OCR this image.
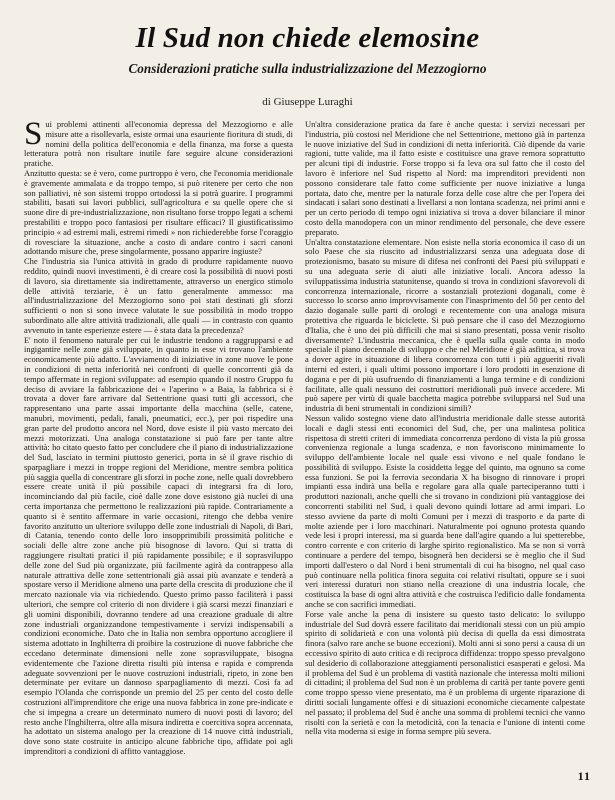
Il Sud non chiede elemosine
Considerazioni pratiche sulla industrializzazione del Mezzogiorno
di Giuseppe Luraghi

Sui problemi attinenti all'economia depressa del Mezzogiorno e alle misure atte a risollevarla, esiste ormai una esauriente fioritura di studi, di nomini della politica dell'economia e della finanza, ma forse a questa letteratura potrà non risultare inutile fare seguire alcune considerazioni pratiche.

Anzitutto questa: se è vero, come purtroppo è vero, che l'economia meridionale è gravemente ammalata e da troppo tempo, si può ritenere per certo che non son palliativi, nè son sistemi troppo ortodossi la si potrà guarire. I programmi stabiliti, basati sui lavori pubblici, sull'agricoltura e su quelle opere che si suone dire di pre-industrializzazione, non risultano forse troppo legati a schemi prestabiliti e troppo poco fantasiosi per risultare efficaci? Il giustificatissimo principio « ad estremi mali, estremi rimedi » non richiederebbe forse l'coraggio di rovesciare la situazione, anche a costo di andare contro i sacri canoni adottando misure che, prese singolarmente, possano apparire ingiuste?

Che l'industria sia l'unica attività in grado di produrre rapidamente nuovo reddito, quindi nuovi investimenti, è di creare così la possibilità di nuovi posti di lavoro, sia direttamente sia indirettamente, attraverso un energico stimolo delle attività terziarie, è un fatto generalmente ammesso: ma all'industrializzazione del Mezzogiorno sono poi stati destinati gli sforzi sufficienti o non si sono invece valutate le sue possibilità in modo troppo subordinato alle altre attività tradizionali, alle quali — in contrasto con quanto avvenuto in tante esperienze estere — è stata data la precedenza?

E' noto il fenomeno naturale per cui le industrie tendono a raggrupparsi e ad ingigantire nelle zone già sviluppate, in quanto in esse vi trovano l'ambiente economicamente più adatto. L'avviamento di iniziative in zone nuove le pone in condizioni di netta inferiorità nei confronti di quelle concorrenti già da tempo affermate in regioni sviluppate: ad esempio quando il nostro Gruppo fu deciso di avviare la fabbricazione dei « l'aperino » a Baia, la fabbrica si è trovata a dover fare arrivare dal Settentrione quasi tutti gli accessori, che rappresentano una parte assai importante della macchina (selle, catene, manubri, movimenti, pedali, fanali, pneumatici, ecc.), per poi rispedire una gran parte del prodotto ancora nel Nord, dove esiste il più vasto mercato dei mezzi motorizzati. Una analoga constatazione si può fare per tante altre attività: ho citato questo fatto per concludere che il piano di industrializzazione del Sud, lasciato in termini piuttosto generici, porta in sè il grave rischio di sparpagliare i mezzi in troppe regioni del Meridione, mentre sembra politica più saggia quella di concentrare gli sforzi in poche zone, nelle quali dovrebbero essere create unità il più possibile capaci di integrarsi fra di loro, incominciando dal più facile, cioè dalle zone dove esistono già nuclei di una certa importanza che permettono le realizzazioni più rapide. Contrariamente a quanto si è sentito affermare in varie occasioni, ritengo che debba venire favorito anzitutto un ulteriore sviluppo delle zone industriali di Napoli, di Bari, di Catania, tenendo conto delle loro insopprimibili prossimità politiche e sociali delle altre zone anche più bisognose di lavoro. Qui si tratta di raggiungere risultati pratici il più rapidamente possibile; e il soprasviluppo delle zone del Sud più organizzate, più facilmente agirà da contrappeso alla naturale attrattiva delle zone settentrionali già assai più avanzate e tenderà a spostare verso il Meridione almeno una parte della crescita di produzione che il mercato nazionale via via richiedendo. Questo primo passo faciliterà i passi ulteriori, che sempre col criterio di non dividere i già scarsi mezzi finanziari e gli uomini disponibili, dovranno tendere ad una creazione graduale di altre zone industriali organizzandone tempestivamente i servizi indispensabili a condizioni economiche. Dato che in Italia non sembra opportuno accogliere il sistema adottato in Inghilterra di proibire la costruzione di nuove fabbriche che eccedano determinate dimensioni nelle zone soprasviluppate, bisogna evidentemente che l'azione diretta risulti più intensa e rapida e comprenda adeguate sovvenzioni per le nuove costruzioni industriali, ripeto, in zone ben determinate per evitare un dannoso sparpagliamento di mezzi. Così fa ad esempio l'Olanda che corrisponde un premio del 25 per cento del costo delle costruzioni all'imprenditore che erige una nuova fabbrica in zone pre-indicate e che si impegna a creare un determinato numero di nuovi posti di lavoro; del resto anche l'Inghilterra, oltre alla misura indiretta e coercitiva sopra accennata, ha adottato un sistema analogo per la creazione di 14 nuove città industriali, dove sono state costruite in anticipo alcune fabbriche tipo, affidate poi agli imprenditori a condizioni di affitto vantaggiose.

Un'altra considerazione pratica da fare è anche questa: i servizi necessari per l'industria, più costosi nel Meridione che nel Settentrione, mettono già in partenza le nuove iniziative del Sud in condizioni di netta inferiorità. Ciò dipende da varie ragioni, tutte valide, ma il fatto esiste e costituisce una grave remora soprattutto per alcuni tipi di industrie. Forse troppo si fa leva ora sul fatto che il costo del lavoro è inferiore nel Sud rispetto al Nord: ma imprenditori previdenti non possono considerare tale fatto come sufficiente per nuove iniziative a lunga portata, dato che, mentre per la naturale forza delle cose altre che per l'opera dei sindacati i salari sono destinati a livellarsi a non lontana scadenza, nei primi anni e per un certo periodo di tempo ogni iniziativa si trova a dover bilanciare il minor costo della manodopera con un minor rendimento del personale, che deve essere preparato.

Un'altra constatazione elementare. Non esiste nella storia economica il caso di un solo Paese che sia riuscito ad industrializzarsi senza una adeguata dose di protezionismo, basato su misure di difesa nei confronti dei Paesi più sviluppati e su una adeguata serie di aiuti alle iniziative locali. Ancora adesso la sviluppatissima industria statunitense, quando si trova in condizioni sfavorevoli di concorrenza internazionale, ricorre a sostanziali protezioni doganali, come è successo lo scorso anno improvvisamente con l'inasprimento del 50 per cento del dazio doganale sulle parti di orologi e recentemente con una analoga misura protettiva che riguarda le biciclette. Si può pensare che il caso del Mezzogiorno d'Italia, che è uno dei più difficili che mai si siano presentati, possa venir risolto diversamente? L'industria meccanica, che è quella sulla quale conta in modo speciale il piano decennale di sviluppo e che nel Meridione è già asfittica, si trova a dover agire in situazione di libera concorrenza con tutti i più aggueriti rivali interni ed esteri, i quali ultimi possono importare i loro prodotti in esenzione di dogana e per di più usufruendo di finanziamenti a lunga termine e di condizioni facilitate, alle quali nessuno dei costruttori meridionali può invece accedere. Mi può sapere per virtù di quale bacchetta magica potrebbe svilupparsi nel Sud una industria di beni strumentali in condizioni simili?

Nessun valido sostegno viene dato all'industria meridionale dalle stesse autorità locali e dagli stessi enti economici del Sud, che, per una malintesa politica rispettosa di stretti criteri di immediata concorrenza perdono di vista la più grossa convenienza regionale a lunga scadenza, e non favoriscono minimamente lo sviluppo dell'ambiente locale nel quale essi vivono e nel quale fondano le possibilità di sviluppo. Esiste la cosiddetta legge del quinto, ma ognuno sa come essa funzioni. Se poi la ferrovia secondaria X ha bisogno di rinnovare i propri impianti essa indirà una bella e regolare gara alla quale parteciperanno tutti i produttori nazionali, anche quelli che si trovano in condizioni più vantaggiose dei concorrenti stabiliti nel Sud, i quali devono quindi lottare ad armi impari. Lo stesso avviene da parte di molti Comuni per i mezzi di trasporto e da parte di molte aziende per i loro macchinari. Naturalmente poi ognuno protesta quando vede lesi i propri interessi, ma si guarda bene dall'agire quando a lui spetterebbe, contro corrente e con criterio di larghe spirito regionalistico. Ma se non si vorrà continuare a perdere del tempo, bisognerà ben decidersi se è meglio che il Sud importi dall'estero o dal Nord i beni strumentali di cui ha bisogno, nel qual caso può continuare nella politica finora seguita coi relativi risultati, oppure se i suoi veri interessi duraturi non stiano nella creazione di una industria locale, che costituisca la base di ogni altra attività e che costruisca l'edificio dalle fondamenta anche se con sacrifici immediati.

Forse vale anche la pena di insistere su questo tasto delicato: lo sviluppo industriale del Sud dovrà essere facilitato dai meridionali stessi con un più ampio spirito di solidarietà e con una volontà più decisa di quella da essi dimostrata finora (salvo rare anche se buone eccezioni). Molti anni si sono persi a causa di un eccessivo spirito di auto critica e di reciproca diffidenza: troppo spesso prevalgono sul desiderio di collaborazione atteggiamenti personalistici esasperati e gelosi. Ma il problema del Sud è un problema di vastità nazionale che interessa molti milioni di cittadini; il problema del Sud non è un problema di carità per tante povere genti come troppo spesso viene presentato, ma è un problema di urgente riparazione di diritti sociali lungamente offesi e di situazioni economiche ciecamente calpestate nel passato; il problema del Sud è anche una somma di problemi tecnici che vanno risolti con la serietà e con la metodicità, con la tenacia e l'unione di intenti come nella vita moderna si esige in forma sempre più severa.

11
